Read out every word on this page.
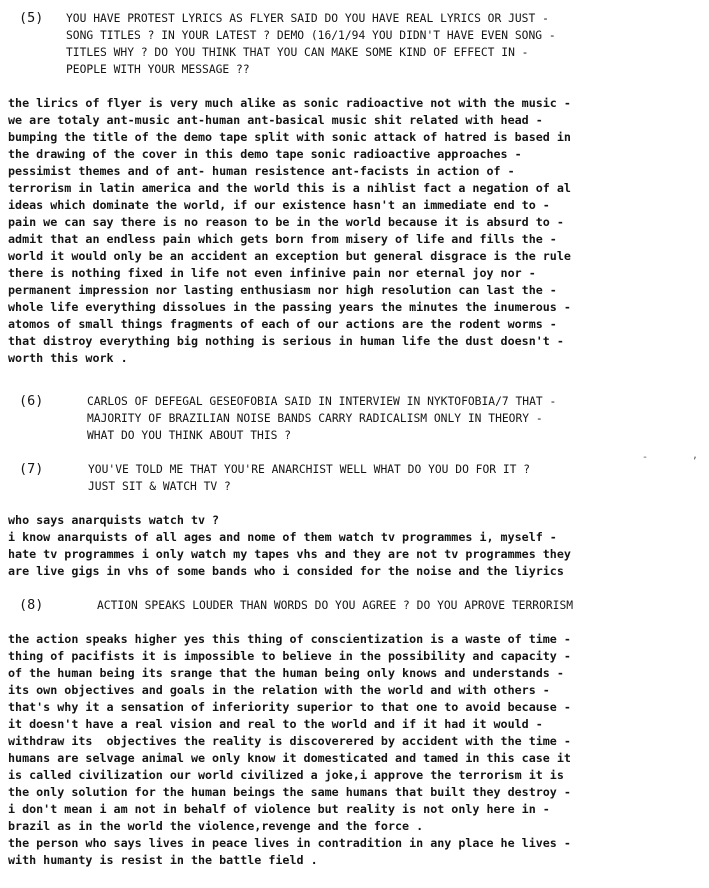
(5) YOU HAVE PROTEST LYRICS AS FLYER SAID DO YOU HAVE REAL LYRICS OR JUST -
SONG TITLES ? IN YOUR LATEST ? DEMO (16/1/94 YOU DIDN'T HAVE EVEN SONG -
TITLES WHY ? DO YOU THINK THAT YOU CAN MAKE SOME KIND OF EFFECT IN -
PEOPLE WITH YOUR MESSAGE ??
the lirics of flyer is very much alike as sonic radioactive not with the music -
we are totaly ant-music ant-human ant-basical music shit related with head -
bumping the title of the demo tape split with sonic attack of hatred is based in
the drawing of the cover in this demo tape sonic radioactive approaches -
pessimist themes and of ant- human resistence ant-facists in action of -
terrorism in latin america and the world this is a nihlist fact a negation of al
ideas which dominate the world, if our existence hasn't an immediate end to -
pain we can say there is no reason to be in the world because it is absurd to -
admit that an endless pain which gets born from misery of life and fills the -
world it would only be an accident an exception but general disgrace is the rule
there is nothing fixed in life not even infinive pain nor eternal joy nor -
permanent impression nor lasting enthusiasm nor high resolution can last the -
whole life everything dissolues in the passing years the minutes the inumerous -
atomos of small things fragments of each of our actions are the rodent worms -
that distroy everything big nothing is serious in human life the dust doesn't -
worth this work .
(6)	CARLOS OF DEFEGAL GESEOFOBIA SAID IN INTERVIEW IN NYKTOFOBIA/7 THAT -
MAJORITY OF BRAZILIAN NOISE BANDS CARRY RADICALISM ONLY IN THEORY -
WHAT DO YOU THINK ABOUT THIS ?
(7)	YOU'VE TOLD ME THAT YOU'RE ANARCHIST WELL WHAT DO YOU DO FOR IT ?
JUST SIT & WATCH TV ?
-	,
who says anarquists watch tv ?
i know anarquists of all ages and nome of them watch tv programmes i, myself -
hate tv programmes i only watch my tapes vhs and they are not tv programmes they
are live gigs in vhs of some bands who i consided for the noise and the liyrics
(8)	ACTION SPEAKS LOUDER THAN WORDS DO YOU AGREE ? DO YOU APROVE TERRORISM
the action speaks higher yes this thing of conscientization is a waste of time -
thing of pacifists it is impossible to believe in the possibility and capacity -
of the human being its srange that the human being only knows and understands -
its own objectives and goals in the relation with the world and with others -
that's why it a sensation of inferiority superior to that one to avoid because -
it doesn't have a real vision and real to the world and if it had it would -
withdraw its  objectives the reality is discoverered by accident with the time -
humans are selvage animal we only know it domesticated and tamed in this case it
is called civilization our world civilized a joke,i approve the terrorism it is
the only solution for the human beings the same humans that built they destroy -
i don't mean i am not in behalf of violence but reality is not only here in -
brazil as in the world the violence,revenge and the force .
the person who says lives in peace lives in contradition in any place he lives -
with humanty is resist in the battle field .
